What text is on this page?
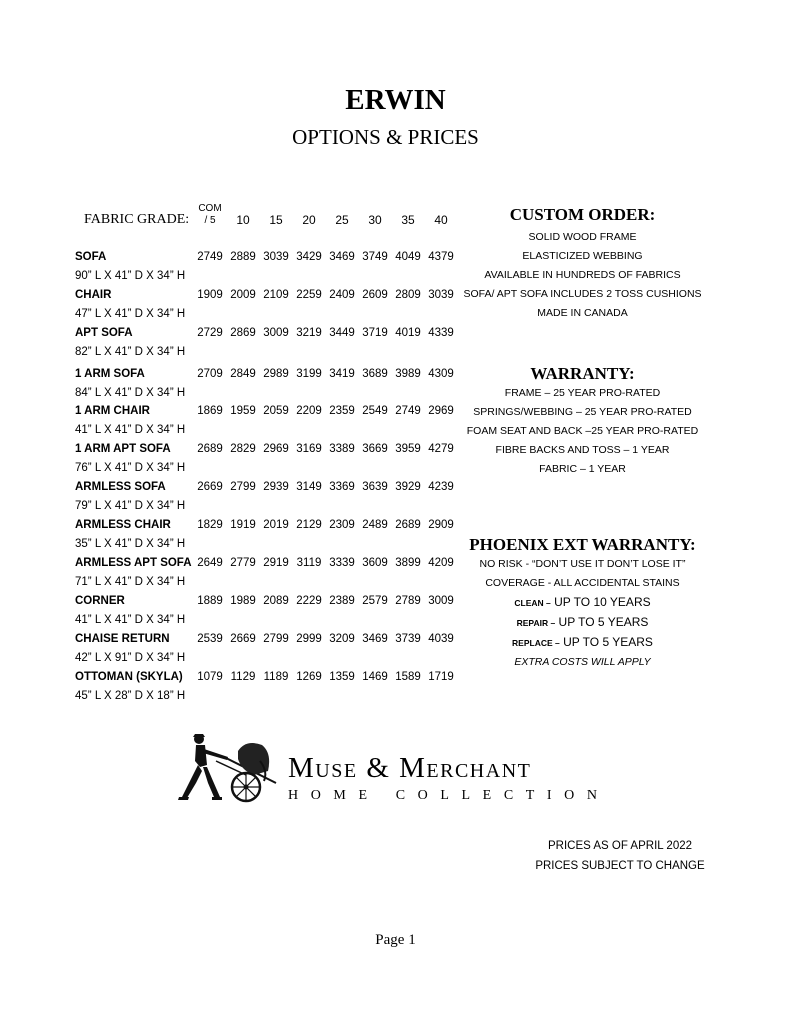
ERWIN
OPTIONS & PRICES
FABRIC GRADE:
COM
/ 5	10	15	20	25	30	35	40
SOFA
90” L X 41” D X 34” H
2749 2889 3039 3429 3469 3749 4049 4379
CHAIR
47” L X 41” D X 34” H
1909 2009 2109 2259 2409 2609 2809 3039
APT SOFA
82” L X 41” D X 34” H
2729 2869 3009 3219 3449 3719 4019 4339
1 ARM SOFA
84” L X 41” D X 34” H
2709 2849 2989 3199 3419 3689 3989 4309
1 ARM CHAIR
41” L X 41” D X 34” H
1869 1959 2059 2209 2359 2549 2749 2969
1 ARM APT SOFA
76” L X 41” D X 34” H
2689 2829 2969 3169 3389 3669 3959 4279
ARMLESS SOFA
79” L X 41” D X 34” H
2669 2799 2939 3149 3369 3639 3929 4239
ARMLESS CHAIR
35” L X 41” D X 34” H
1829 1919 2019 2129 2309 2489 2689 2909
ARMLESS APT SOFA
71” L X 41” D X 34” H
2649 2779 2919 3119 3339 3609 3899 4209
CORNER
41” L X 41” D X 34” H
1889 1989 2089 2229 2389 2579 2789 3009
CHAISE RETURN
42” L X 91” D X 34” H
2539 2669 2799 2999 3209 3469 3739 4039
OTTOMAN (SKYLA)
45” L X 28” D X 18” H
1079 1129 1189 1269 1359 1469 1589 1719
CUSTOM ORDER:
SOLID WOOD FRAME
ELASTICIZED WEBBING
AVAILABLE IN HUNDREDS OF FABRICS
SOFA/ APT SOFA INCLUDES 2 TOSS CUSHIONS
MADE IN CANADA
WARRANTY:
FRAME – 25 YEAR PRO-RATED
SPRINGS/WEBBING – 25 YEAR PRO-RATED
FOAM SEAT AND BACK –25 YEAR PRO-RATED
FIBRE BACKS AND TOSS – 1 YEAR
FABRIC – 1 YEAR
PHOENIX EXT WARRANTY:
NO RISK - “DON’T USE IT DON’T LOSE IT”
COVERAGE - ALL ACCIDENTAL STAINS
CLEAN – UP TO 10 YEARS
REPAIR – UP TO 5 YEARS
REPLACE – UP TO 5 YEARS
EXTRA COSTS WILL APPLY
Muse & Merchant
HOME COLLECTION
PRICES AS OF APRIL 2022
PRICES SUBJECT TO CHANGE
Page 1
